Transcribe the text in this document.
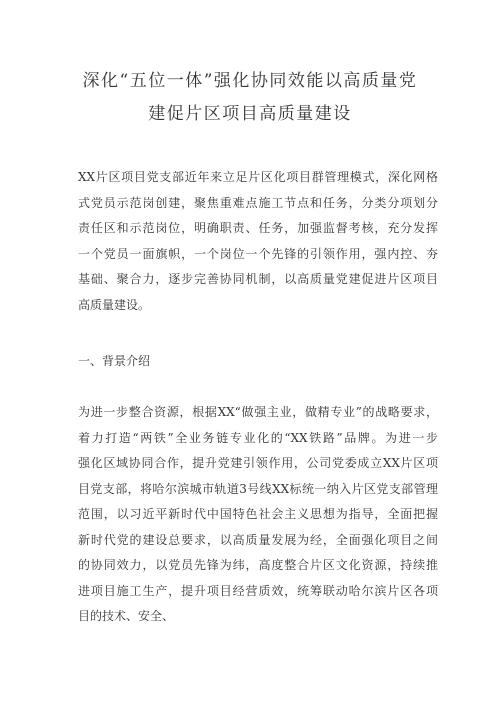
深化“五位一体”强化协同效能以高质量党
建促片区项目高质量建设
XX片区项目党支部近年来立足片区化项目群管理模式，深化网格
式党员示范岗创建，聚焦重难点施工节点和任务，分类分项划分
责任区和示范岗位，明确职责、任务，加强监督考核，充分发挥
一个党员一面旗帜，一个岗位一个先锋的引领作用，强内控、夯
基础、聚合力，逐步完善协同机制，以高质量党建促进片区项目
高质量建设。
一、背景介绍
为进一步整合资源，根据XX“做强主业，做精专业”的战略要求，
着力打造“两铁”全业务链专业化的“XX铁路”品牌。为进一步
强化区域协同合作，提升党建引领作用，公司党委成立XX片区项
目党支部，将哈尔滨城市轨道3号线XX标统一纳入片区党支部管理
范围，以习近平新时代中国特色社会主义思想为指导，全面把握
新时代党的建设总要求，以高质量发展为经，全面强化项目之间
的协同效力，以党员先锋为纬，高度整合片区文化资源，持续推
进项目施工生产，提升项目经营质效，统筹联动哈尔滨片区各项
目的技术、安全、
